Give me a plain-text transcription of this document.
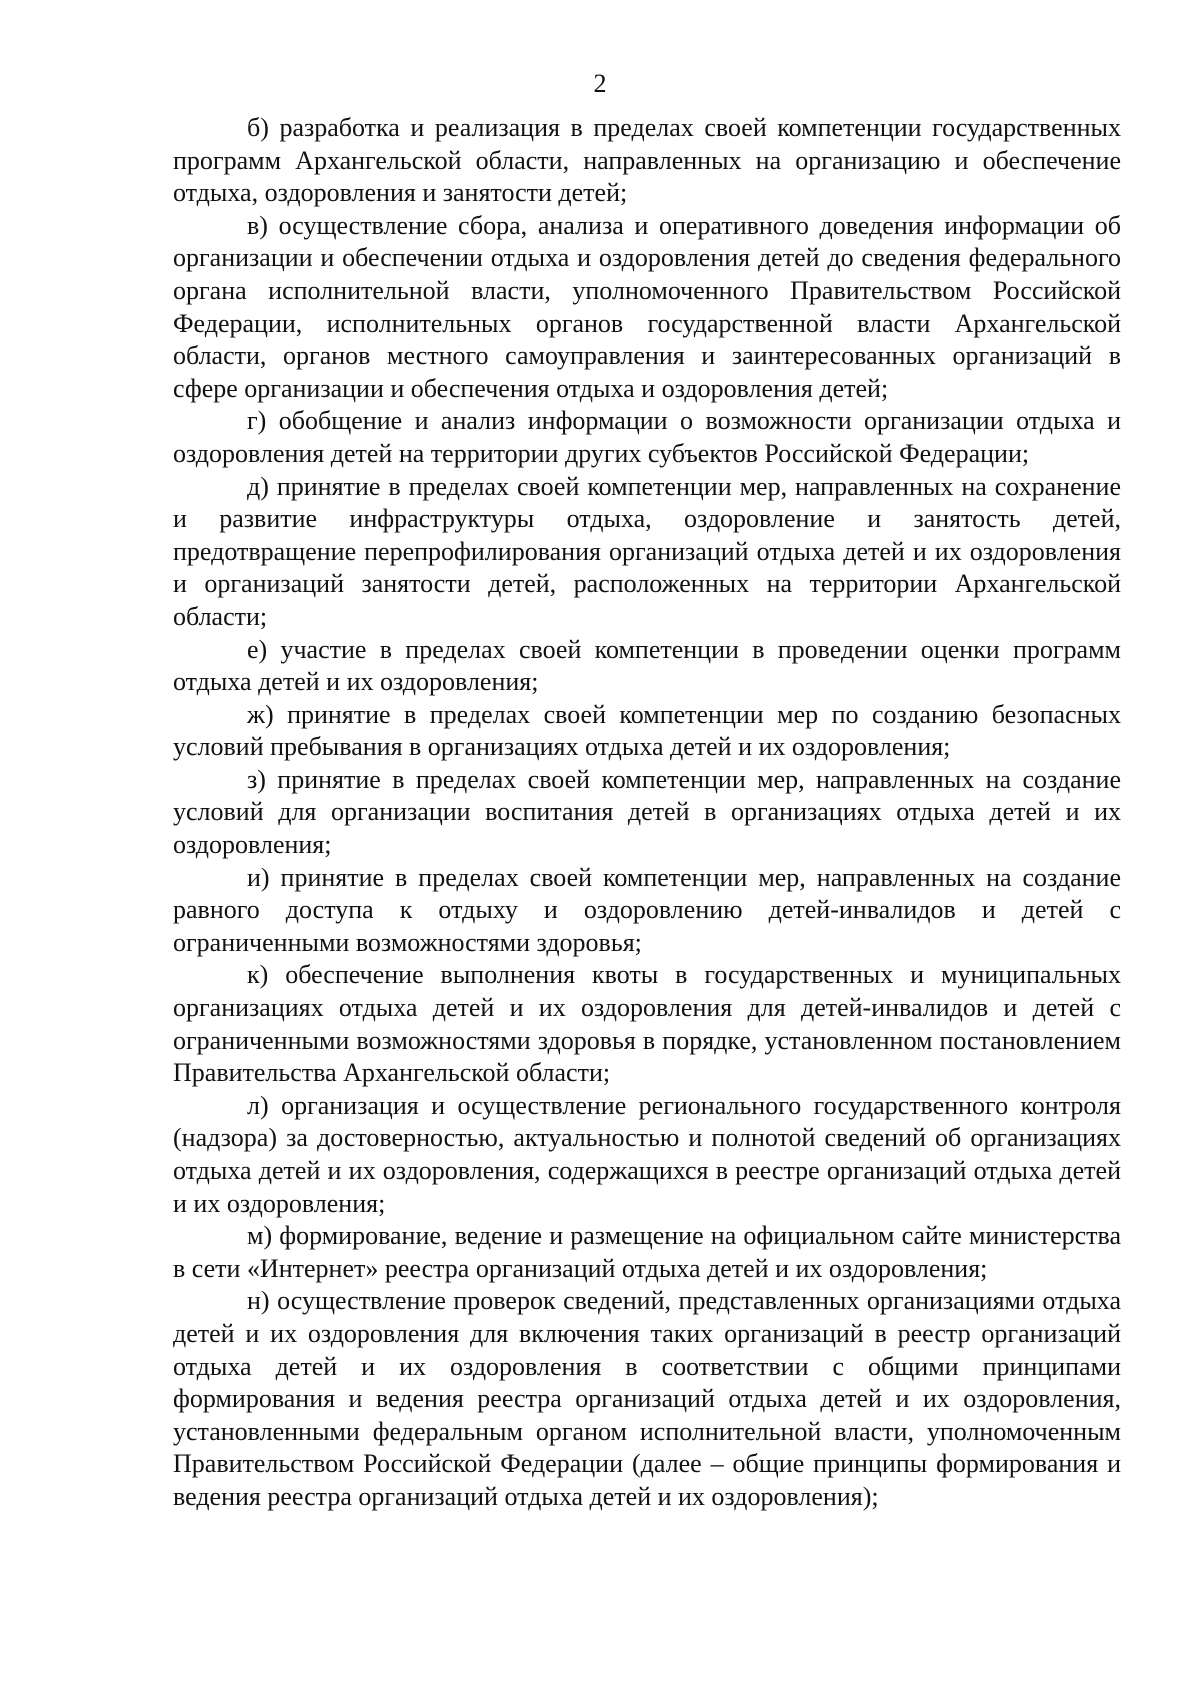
2

б) разработка и реализация в пределах своей компетенции государственных программ Архангельской области, направленных на организацию и обеспечение отдыха, оздоровления и занятости детей;

в) осуществление сбора, анализа и оперативного доведения информации об организации и обеспечении отдыха и оздоровления детей до сведения федерального органа исполнительной власти, уполномоченного Правительством Российской Федерации, исполнительных органов государственной власти Архангельской области, органов местного самоуправления и заинтересованных организаций в сфере организации и обеспечения отдыха и оздоровления детей;

г) обобщение и анализ информации о возможности организации отдыха и оздоровления детей на территории других субъектов Российской Федерации;

д) принятие в пределах своей компетенции мер, направленных на сохранение и развитие инфраструктуры отдыха, оздоровление и занятость детей, предотвращение перепрофилирования организаций отдыха детей и их оздоровления и организаций занятости детей, расположенных на территории Архангельской области;

е) участие в пределах своей компетенции в проведении оценки программ отдыха детей и их оздоровления;

ж) принятие в пределах своей компетенции мер по созданию безопасных условий пребывания в организациях отдыха детей и их оздоровления;

з) принятие в пределах своей компетенции мер, направленных на создание условий для организации воспитания детей в организациях отдыха детей и их оздоровления;

и) принятие в пределах своей компетенции мер, направленных на создание равного доступа к отдыху и оздоровлению детей-инвалидов и детей с ограниченными возможностями здоровья;

к) обеспечение выполнения квоты в государственных и муниципальных организациях отдыха детей и их оздоровления для детей-инвалидов и детей с ограниченными возможностями здоровья в порядке, установленном постановлением Правительства Архангельской области;

л) организация и осуществление регионального государственного контроля (надзора) за достоверностью, актуальностью и полнотой сведений об организациях отдыха детей и их оздоровления, содержащихся в реестре организаций отдыха детей и их оздоровления;

м) формирование, ведение и размещение на официальном сайте министерства в сети «Интернет» реестра организаций отдыха детей и их оздоровления;

н) осуществление проверок сведений, представленных организациями отдыха детей и их оздоровления для включения таких организаций в реестр организаций отдыха детей и их оздоровления в соответствии с общими принципами формирования и ведения реестра организаций отдыха детей и их оздоровления, установленными федеральным органом исполнительной власти, уполномоченным Правительством Российской Федерации (далее – общие принципы формирования и ведения реестра организаций отдыха детей и их оздоровления);
